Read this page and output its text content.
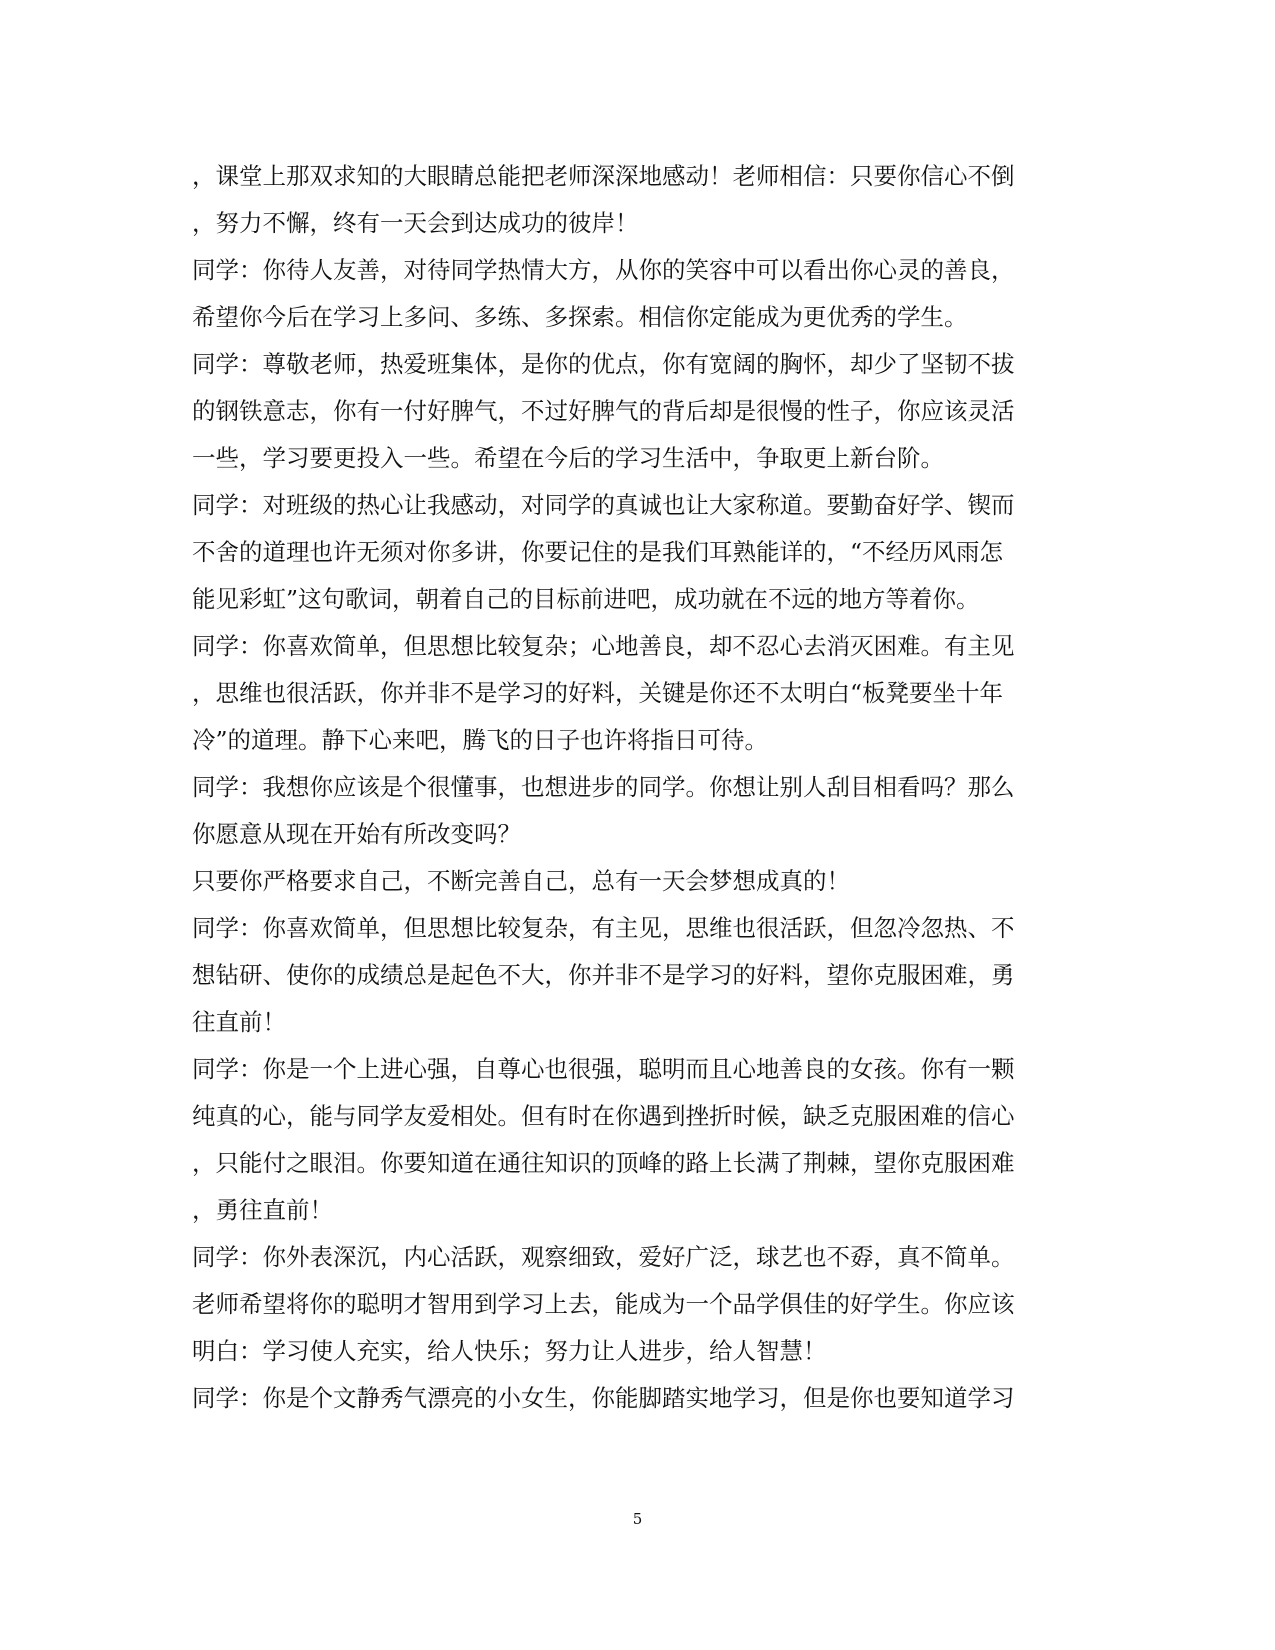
，课堂上那双求知的大眼睛总能把老师深深地感动！老师相信：只要你信心不倒
，努力不懈，终有一天会到达成功的彼岸！
同学：你待人友善，对待同学热情大方，从你的笑容中可以看出你心灵的善良，
希望你今后在学习上多问、多练、多探索。相信你定能成为更优秀的学生。
同学：尊敬老师，热爱班集体，是你的优点，你有宽阔的胸怀，却少了坚韧不拔
的钢铁意志，你有一付好脾气，不过好脾气的背后却是很慢的性子，你应该灵活
一些，学习要更投入一些。希望在今后的学习生活中，争取更上新台阶。
同学：对班级的热心让我感动，对同学的真诚也让大家称道。要勤奋好学、锲而
不舍的道理也许无须对你多讲，你要记住的是我们耳熟能详的，“不经历风雨怎
能见彩虹”这句歌词，朝着自己的目标前进吧，成功就在不远的地方等着你。
同学：你喜欢简单，但思想比较复杂；心地善良，却不忍心去消灭困难。有主见
，思维也很活跃，你并非不是学习的好料，关键是你还不太明白“板凳要坐十年
冷”的道理。静下心来吧，腾飞的日子也许将指日可待。
同学：我想你应该是个很懂事，也想进步的同学。你想让别人刮目相看吗？那么
你愿意从现在开始有所改变吗？
只要你严格要求自己，不断完善自己，总有一天会梦想成真的！
同学：你喜欢简单，但思想比较复杂，有主见，思维也很活跃，但忽冷忽热、不
想钻研、使你的成绩总是起色不大，你并非不是学习的好料，望你克服困难，勇
往直前！
同学：你是一个上进心强，自尊心也很强，聪明而且心地善良的女孩。你有一颗
纯真的心，能与同学友爱相处。但有时在你遇到挫折时候，缺乏克服困难的信心
，只能付之眼泪。你要知道在通往知识的顶峰的路上长满了荆棘，望你克服困难
，勇往直前！
同学：你外表深沉，内心活跃，观察细致，爱好广泛，球艺也不孬，真不简单。
老师希望将你的聪明才智用到学习上去，能成为一个品学俱佳的好学生。你应该
明白：学习使人充实，给人快乐；努力让人进步，给人智慧！
同学：你是个文静秀气漂亮的小女生，你能脚踏实地学习，但是你也要知道学习
5
